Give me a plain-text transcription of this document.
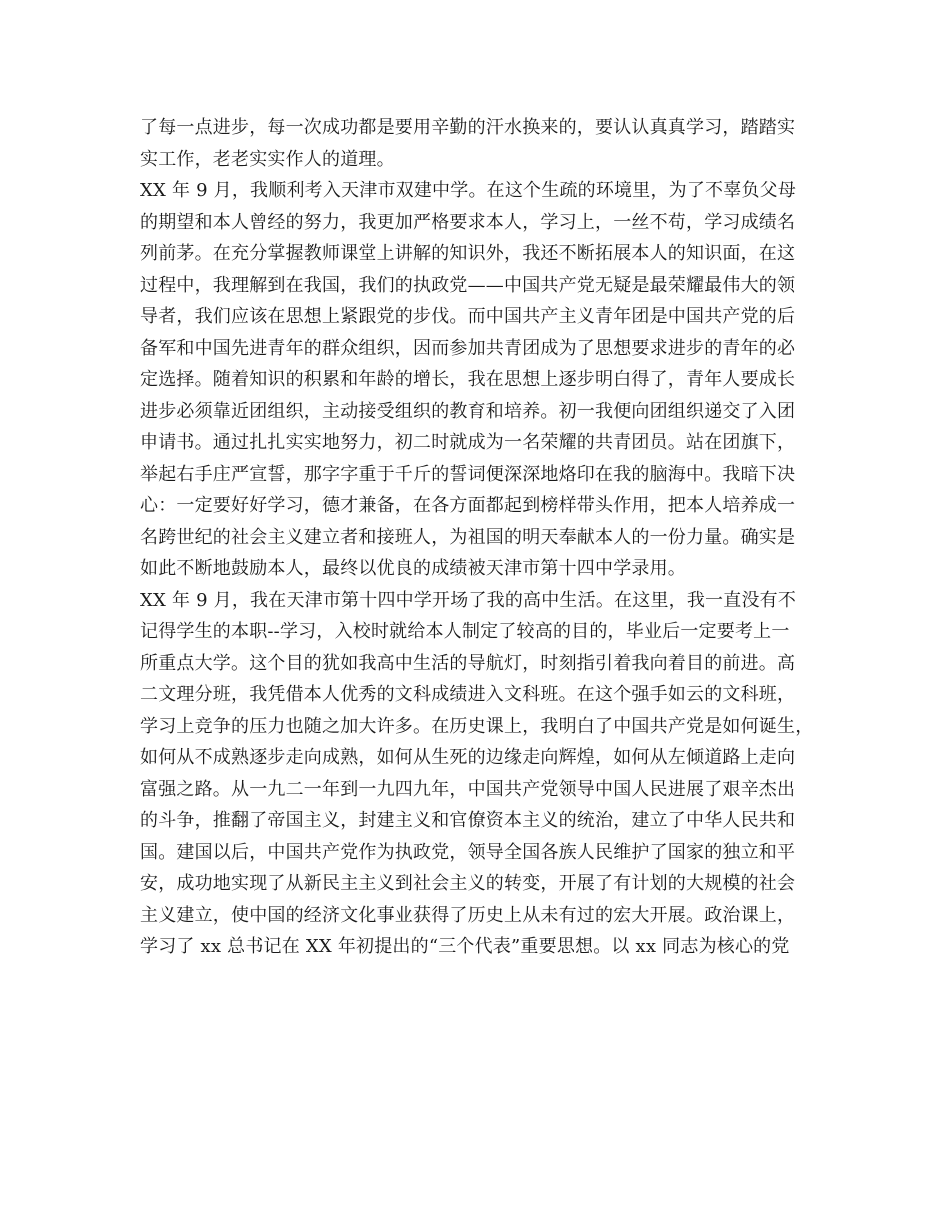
了每一点进步，每一次成功都是要用辛勤的汗水换来的，要认认真真学习，踏踏实
实工作，老老实实作人的道理。
XX 年 9 月，我顺利考入天津市双建中学。在这个生疏的环境里，为了不辜负父母
的期望和本人曾经的努力，我更加严格要求本人，学习上，一丝不苟，学习成绩名
列前茅。在充分掌握教师课堂上讲解的知识外，我还不断拓展本人的知识面，在这
过程中，我理解到在我国，我们的执政党——中国共产党无疑是最荣耀最伟大的领
导者，我们应该在思想上紧跟党的步伐。而中国共产主义青年团是中国共产党的后
备军和中国先进青年的群众组织，因而参加共青团成为了思想要求进步的青年的必
定选择。随着知识的积累和年龄的增长，我在思想上逐步明白得了，青年人要成长
进步必须靠近团组织，主动接受组织的教育和培养。初一我便向团组织递交了入团
申请书。通过扎扎实实地努力，初二时就成为一名荣耀的共青团员。站在团旗下，
举起右手庄严宣誓，那字字重于千斤的誓词便深深地烙印在我的脑海中。我暗下决
心：一定要好好学习，德才兼备，在各方面都起到榜样带头作用，把本人培养成一
名跨世纪的社会主义建立者和接班人，为祖国的明天奉献本人的一份力量。确实是
如此不断地鼓励本人，最终以优良的成绩被天津市第十四中学录用。
XX 年 9 月，我在天津市第十四中学开场了我的高中生活。在这里，我一直没有不
记得学生的本职--学习，入校时就给本人制定了较高的目的，毕业后一定要考上一
所重点大学。这个目的犹如我高中生活的导航灯，时刻指引着我向着目的前进。高
二文理分班，我凭借本人优秀的文科成绩进入文科班。在这个强手如云的文科班，
学习上竞争的压力也随之加大许多。在历史课上，我明白了中国共产党是如何诞生，
如何从不成熟逐步走向成熟，如何从生死的边缘走向辉煌，如何从左倾道路上走向
富强之路。从一九二一年到一九四九年，中国共产党领导中国人民进展了艰辛杰出
的斗争，推翻了帝国主义，封建主义和官僚资本主义的统治，建立了中华人民共和
国。建国以后，中国共产党作为执政党，领导全国各族人民维护了国家的独立和平
安，成功地实现了从新民主主义到社会主义的转变，开展了有计划的大规模的社会
主义建立，使中国的经济文化事业获得了历史上从未有过的宏大开展。政治课上，
学习了 xx 总书记在 XX 年初提出的“三个代表”重要思想。以 xx 同志为核心的党
